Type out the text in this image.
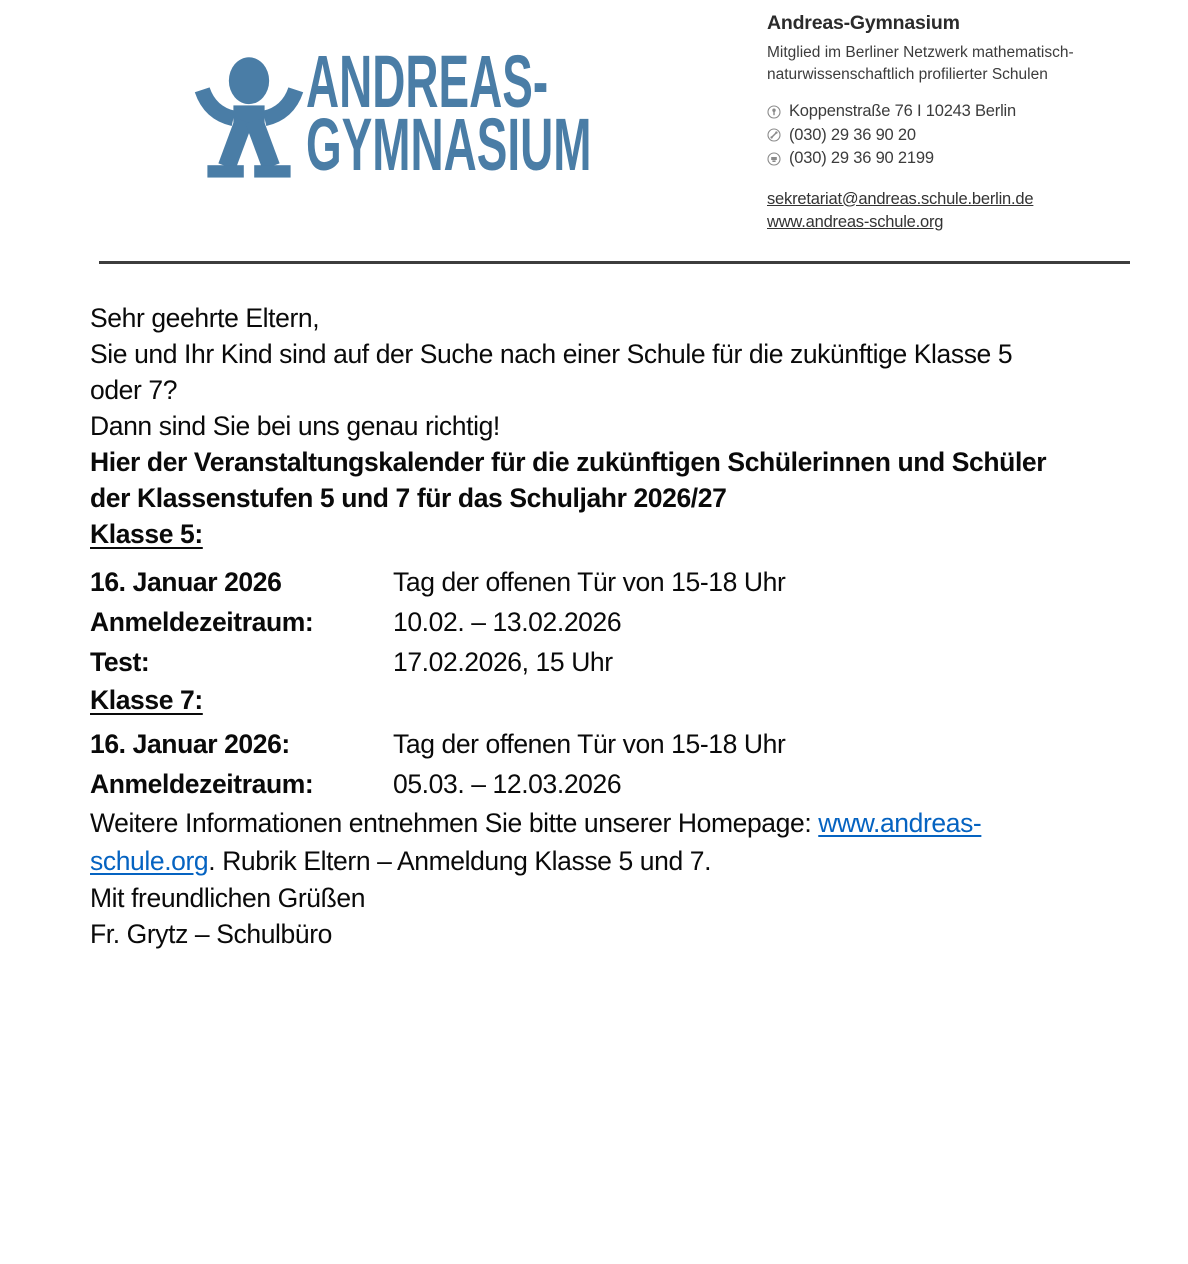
ANDREAS-
GYMNASIUM
Andreas-Gymnasium
Mitglied im Berliner Netzwerk mathematisch-
naturwissenschaftlich profilierter Schulen
Koppenstraße 76 I 10243 Berlin
(030) 29 36 90 20
(030) 29 36 90 2199
sekretariat@andreas.schule.berlin.de
www.andreas-schule.org

Sehr geehrte Eltern,

Sie und Ihr Kind sind auf der Suche nach einer Schule für die zukünftige Klasse 5
oder 7?

Dann sind Sie bei uns genau richtig!

Hier der Veranstaltungskalender für die zukünftigen Schülerinnen und Schüler
der Klassenstufen 5 und 7 für das Schuljahr 2026/27

Klasse 5:

16. Januar 2026	Tag der offenen Tür von 15-18 Uhr
Anmeldezeitraum:	10.02. – 13.02.2026
Test:	17.02.2026, 15 Uhr

Klasse 7:

16. Januar 2026:	Tag der offenen Tür von 15-18 Uhr
Anmeldezeitraum:	05.03. – 12.03.2026

Weitere Informationen entnehmen Sie bitte unserer Homepage: www.andreas-
schule.org. Rubrik Eltern – Anmeldung Klasse 5 und 7.

Mit freundlichen Grüßen

Fr. Grytz – Schulbüro
